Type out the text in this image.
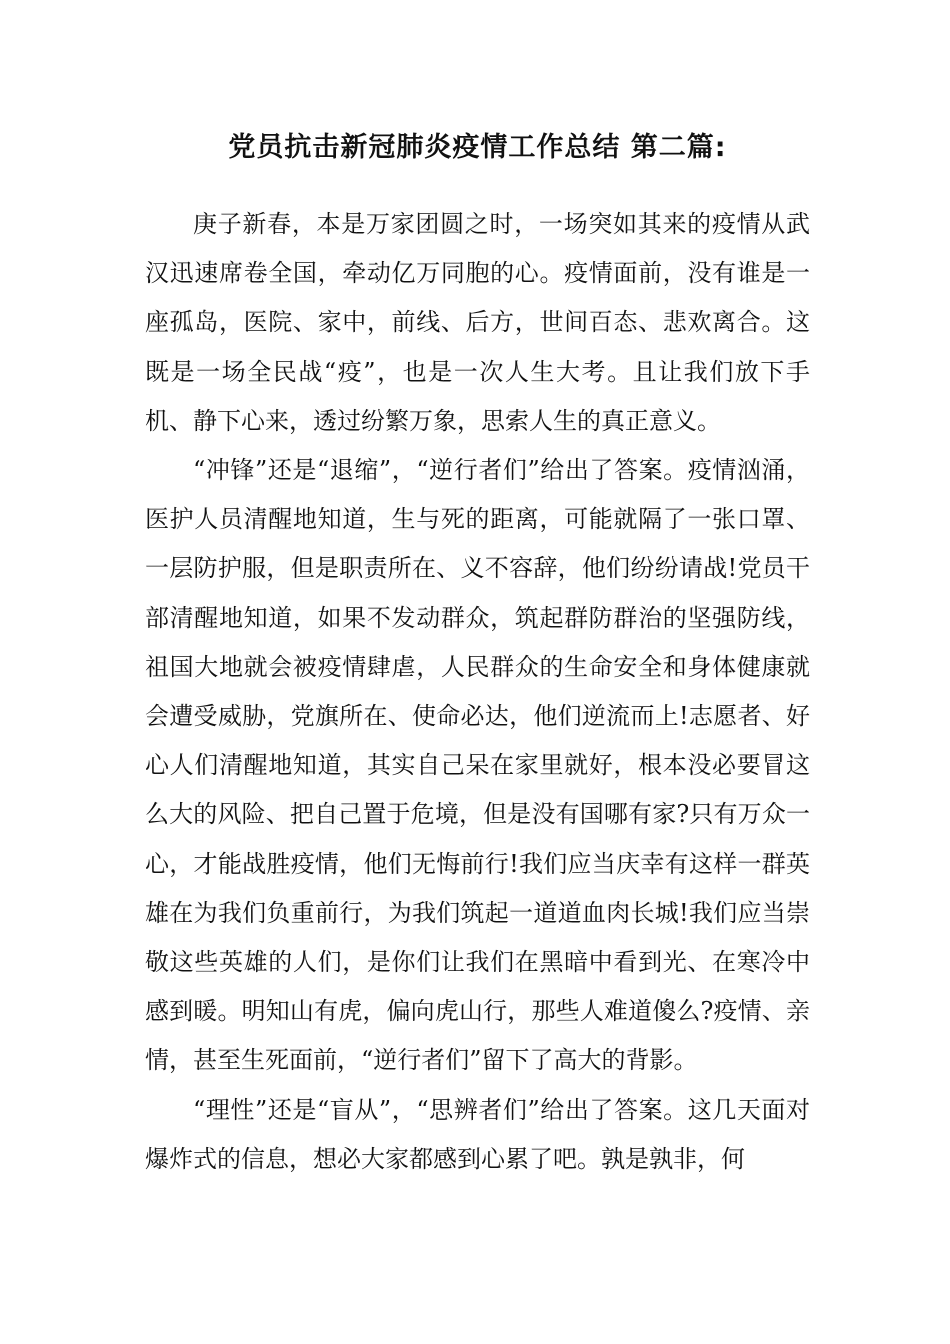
党员抗击新冠肺炎疫情工作总结 第二篇:

庚子新春，本是万家团圆之时，一场突如其来的疫情从武汉迅速席卷全国，牵动亿万同胞的心。疫情面前，没有谁是一座孤岛，医院、家中，前线、后方，世间百态、悲欢离合。这既是一场全民战“疫”，也是一次人生大考。且让我们放下手机、静下心来，透过纷繁万象，思索人生的真正意义。

“冲锋”还是“退缩”，“逆行者们”给出了答案。疫情汹涌，医护人员清醒地知道，生与死的距离，可能就隔了一张口罩、一层防护服，但是职责所在、义不容辞，他们纷纷请战!党员干部清醒地知道，如果不发动群众，筑起群防群治的坚强防线，祖国大地就会被疫情肆虐，人民群众的生命安全和身体健康就会遭受威胁，党旗所在、使命必达，他们逆流而上!志愿者、好心人们清醒地知道，其实自己呆在家里就好，根本没必要冒这么大的风险、把自己置于危境，但是没有国哪有家?只有万众一心，才能战胜疫情，他们无悔前行!我们应当庆幸有这样一群英雄在为我们负重前行，为我们筑起一道道血肉长城!我们应当崇敬这些英雄的人们，是你们让我们在黑暗中看到光、在寒冷中感到暖。明知山有虎，偏向虎山行，那些人难道傻么?疫情、亲情，甚至生死面前，“逆行者们”留下了高大的背影。

“理性”还是“盲从”，“思辨者们”给出了答案。这几天面对爆炸式的信息，想必大家都感到心累了吧。孰是孰非，何
